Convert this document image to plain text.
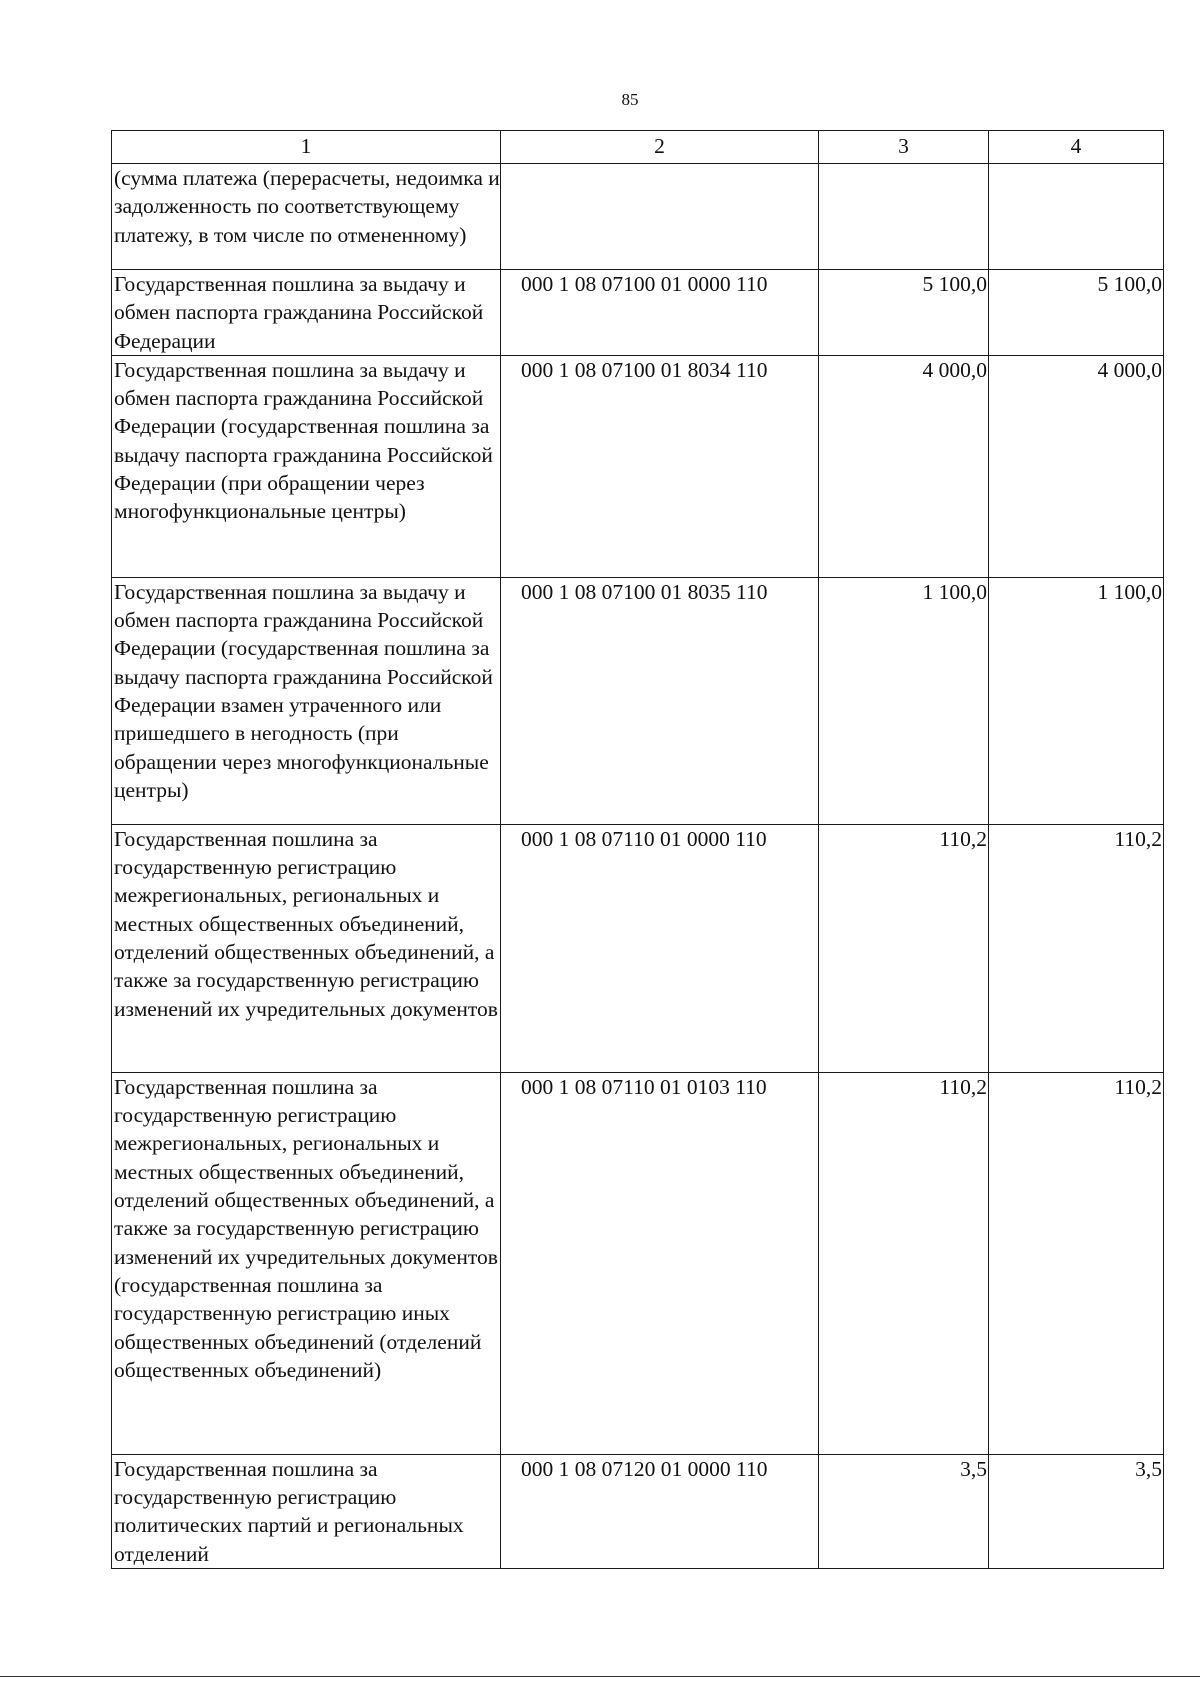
85
1	2	3	4
(сумма платежа (перерасчеты, недоимка и задолженность по соответствующему платежу, в том числе по отмененному)			
Государственная пошлина за выдачу и обмен паспорта гражданина Российской Федерации	000 1 08 07100 01 0000 110	5 100,0	5 100,0
Государственная пошлина за выдачу и обмен паспорта гражданина Российской Федерации (государственная пошлина за выдачу паспорта гражданина Российской Федерации (при обращении через многофункциональные центры)	000 1 08 07100 01 8034 110	4 000,0	4 000,0
Государственная пошлина за выдачу и обмен паспорта гражданина Российской Федерации (государственная пошлина за выдачу паспорта гражданина Российской Федерации взамен утраченного или пришедшего в негодность (при обращении через многофункциональные центры)	000 1 08 07100 01 8035 110	1 100,0	1 100,0
Государственная пошлина за государственную регистрацию межрегиональных, региональных и местных общественных объединений, отделений общественных объединений, а также за государственную регистрацию изменений их учредительных документов	000 1 08 07110 01 0000 110	110,2	110,2
Государственная пошлина за государственную регистрацию межрегиональных, региональных и местных общественных объединений, отделений общественных объединений, а также за государственную регистрацию изменений их учредительных документов (государственная пошлина за государственную регистрацию иных общественных объединений (отделений общественных объединений)	000 1 08 07110 01 0103 110	110,2	110,2
Государственная пошлина за государственную регистрацию политических партий и региональных отделений	000 1 08 07120 01 0000 110	3,5	3,5
